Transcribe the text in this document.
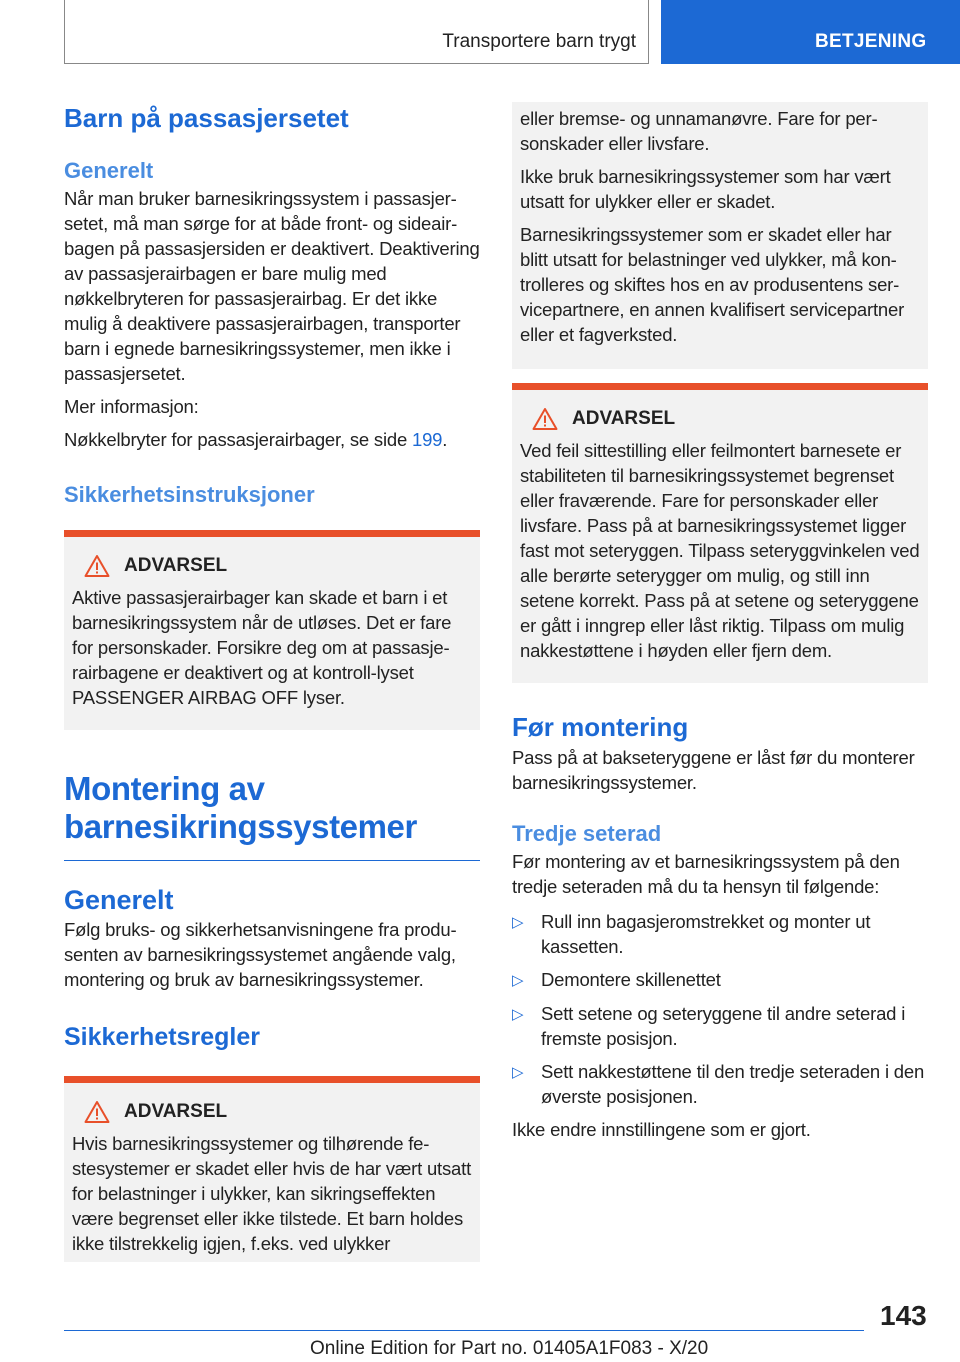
Transportere barn trygt	BETJENING
Barn på passasjersetet
Generelt
Når man bruker barnesikringssystem i passasjersetet, må man sørge for at både front- og sideairbagen på passasjersiden er deaktivert. Deaktivering av passasjerairbagen er bare mulig med nøkkelbryteren for passasjerairbag. Er det ikke mulig å deaktivere passasjerairbagen, transporter barn i egnede barnesikringssystemer, men ikke i passasjersetet.
Mer informasjon:
Nøkkelbryter for passasjerairbager, se side 199.
Sikkerhetsinstruksjoner
ADVARSEL
Aktive passasjerairbager kan skade et barn i et barnesikringssystem når de utløses. Det er fare for personskader. Forsikre deg om at passasjerairbagene er deaktivert og at kontroll-lyset PASSENGER AIRBAG OFF lyser.
Montering av barnesikringssystemer
Generelt
Følg bruks- og sikkerhetsanvisningene fra produsenten av barnesikringssystemet angående valg, montering og bruk av barnesikringssystemer.
Sikkerhetsregler
ADVARSEL
Hvis barnesikringssystemer og tilhørende festesystemer er skadet eller hvis de har vært utsatt for belastninger i ulykker, kan sikringseffekten være begrenset eller ikke tilstede. Et barn holdes ikke tilstrekkelig igjen, f.eks. ved ulykker
eller bremse- og unnamanøvre. Fare for personskader eller livsfare.
Ikke bruk barnesikringssystemer som har vært utsatt for ulykker eller er skadet.
Barnesikringssystemer som er skadet eller har blitt utsatt for belastninger ved ulykker, må kontrolleres og skiftes hos en av produsentens servicepartnere, en annen kvalifisert servicepartner eller et fagverksted.
ADVARSEL
Ved feil sittestilling eller feilmontert barnesete er stabiliteten til barnesikringssystemet begrenset eller fraværende. Fare for personskader eller livsfare. Pass på at barnesikringssystemet ligger fast mot seteryggen. Tilpass seteryggvinkelen ved alle berørte seterygger om mulig, og still inn setene korrekt. Pass på at setene og seteryggene er gått i inngrep eller låst riktig. Tilpass om mulig nakkestøttene i høyden eller fjern dem.
Før montering
Pass på at bakseteryggene er låst før du monterer barnesikringssystemer.
Tredje seterad
Før montering av et barnesikringssystem på den tredje seteraden må du ta hensyn til følgende:
▷ Rull inn bagasjeromstrekket og monter ut kassetten.
▷ Demontere skillenettet
▷ Sett setene og seteryggene til andre seterad i fremste posisjon.
▷ Sett nakkestøttene til den tredje seteraden i den øverste posisjonen.
Ikke endre innstillingene som er gjort.
143
Online Edition for Part no. 01405A1F083 - X/20
